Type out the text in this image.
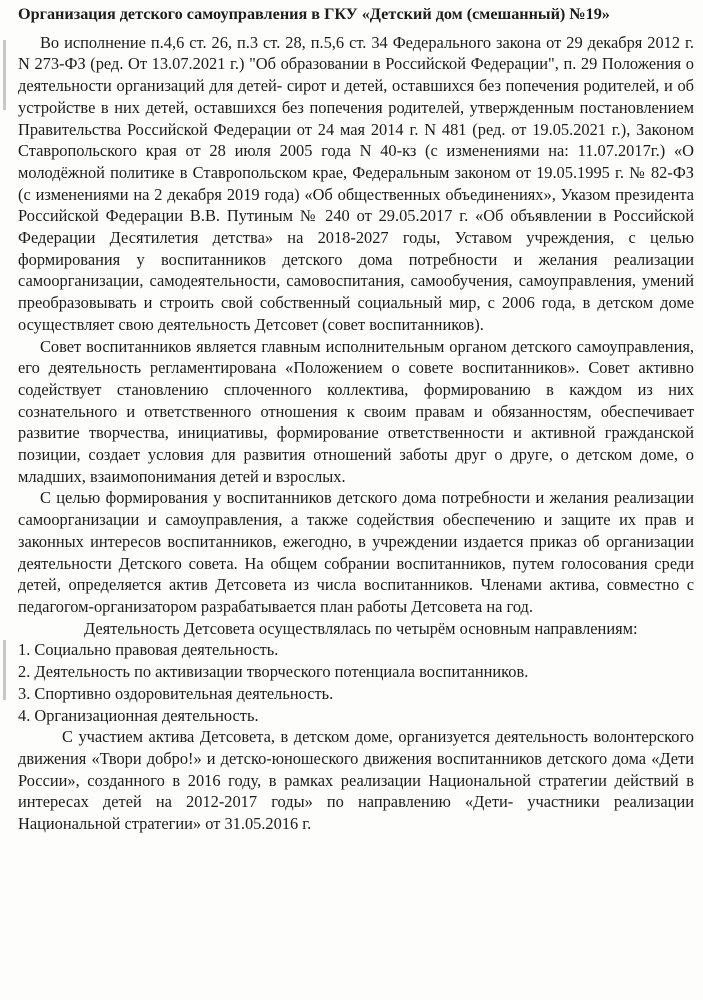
Организация детского самоуправления в ГКУ «Детский дом (смешанный) №19»

Во исполнение п.4,6 ст. 26, п.3 ст. 28, п.5,6 ст. 34 Федерального закона от 29 декабря 2012 г. N 273-ФЗ (ред. От 13.07.2021 г.) "Об образовании в Российской Федерации", п. 29 Положения о деятельности организаций для детей- сирот и детей, оставшихся без попечения родителей, и об устройстве в них детей, оставшихся без попечения родителей, утвержденным постановлением Правительства Российской Федерации от 24 мая 2014 г. N 481 (ред. от 19.05.2021 г.), Законом Ставропольского края от 28 июля 2005 года N 40-кз (с изменениями на: 11.07.2017г.) «О молодёжной политике в Ставропольском крае, Федеральным законом от 19.05.1995 г. № 82-ФЗ (с изменениями на 2 декабря 2019 года) «Об общественных объединениях», Указом президента Российской Федерации В.В. Путиным № 240 от 29.05.2017 г. «Об объявлении в Российской Федерации Десятилетия детства» на 2018-2027 годы, Уставом учреждения, с целью формирования у воспитанников детского дома потребности и желания реализации самоорганизации, самодеятельности, самовоспитания, самообучения, самоуправления, умений преобразовывать и строить свой собственный социальный мир, с 2006 года, в детском доме осуществляет свою деятельность Детсовет (совет воспитанников).

Совет воспитанников является главным исполнительным органом детского самоуправления, его деятельность регламентирована «Положением о совете воспитанников». Совет активно содействует становлению сплоченного коллектива, формированию в каждом из них сознательного и ответственного отношения к своим правам и обязанностям, обеспечивает развитие творчества, инициативы, формирование ответственности и активной гражданской позиции, создает условия для развития отношений заботы друг о друге, о детском доме, о младших, взаимопонимания детей и взрослых.

С целью формирования у воспитанников детского дома потребности и желания реализации самоорганизации и самоуправления, а также содействия обеспечению и защите их прав и законных интересов воспитанников, ежегодно, в учреждении издается приказ об организации деятельности Детского совета. На общем собрании воспитанников, путем голосования среди детей, определяется актив Детсовета из числа воспитанников. Членами актива, совместно с педагогом-организатором разрабатывается план работы Детсовета на год.

Деятельность Детсовета осуществлялась по четырём основным направлениям:

1. Социально правовая деятельность.
2. Деятельность по активизации творческого потенциала воспитанников.
3. Спортивно оздоровительная деятельность.
4. Организационная деятельность.

С участием актива Детсовета, в детском доме, организуется деятельность волонтерского движения «Твори добро!» и детско-юношеского движения воспитанников детского дома «Дети России», созданного в 2016 году, в рамках реализации Национальной стратегии действий в интересах детей на 2012-2017 годы» по направлению «Дети- участники реализации Национальной стратегии» от 31.05.2016 г.
